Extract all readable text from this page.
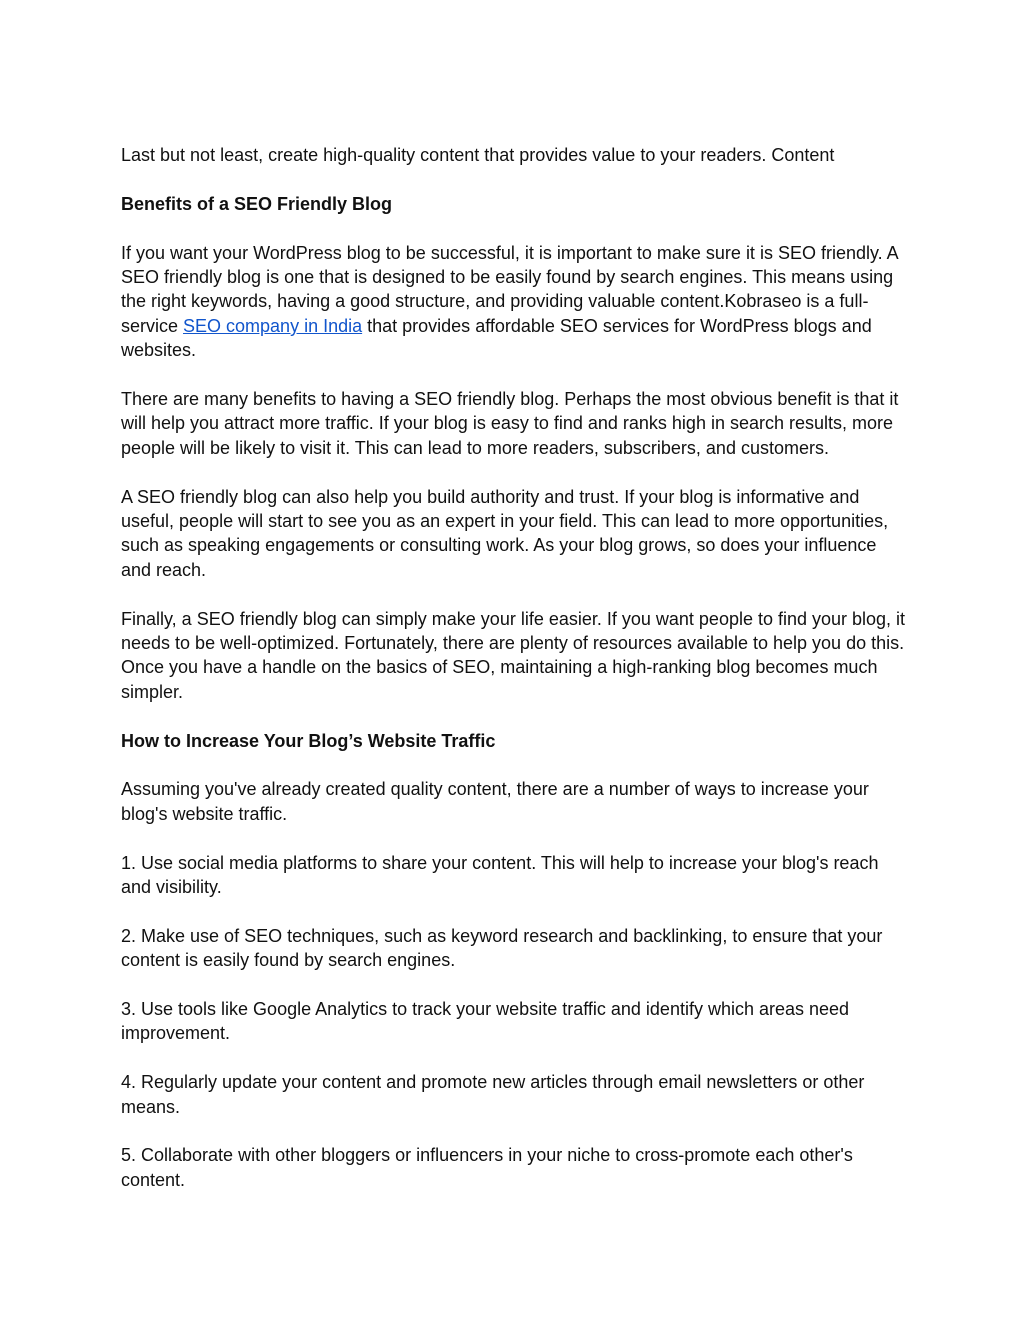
Last but not least, create high-quality content that provides value to your readers. Content

Benefits of a SEO Friendly Blog

If you want your WordPress blog to be successful, it is important to make sure it is SEO friendly. A SEO friendly blog is one that is designed to be easily found by search engines. This means using the right keywords, having a good structure, and providing valuable content.Kobraseo is a full-service SEO company in India that provides affordable SEO services for WordPress blogs and websites.

There are many benefits to having a SEO friendly blog. Perhaps the most obvious benefit is that it will help you attract more traffic. If your blog is easy to find and ranks high in search results, more people will be likely to visit it. This can lead to more readers, subscribers, and customers.

A SEO friendly blog can also help you build authority and trust. If your blog is informative and useful, people will start to see you as an expert in your field. This can lead to more opportunities, such as speaking engagements or consulting work. As your blog grows, so does your influence and reach.

Finally, a SEO friendly blog can simply make your life easier. If you want people to find your blog, it needs to be well-optimized. Fortunately, there are plenty of resources available to help you do this. Once you have a handle on the basics of SEO, maintaining a high-ranking blog becomes much simpler.

How to Increase Your Blog’s Website Traffic

Assuming you've already created quality content, there are a number of ways to increase your blog's website traffic.

1. Use social media platforms to share your content. This will help to increase your blog's reach and visibility.

2. Make use of SEO techniques, such as keyword research and backlinking, to ensure that your content is easily found by search engines.

3. Use tools like Google Analytics to track your website traffic and identify which areas need improvement.

4. Regularly update your content and promote new articles through email newsletters or other means.

5. Collaborate with other bloggers or influencers in your niche to cross-promote each other's content.
